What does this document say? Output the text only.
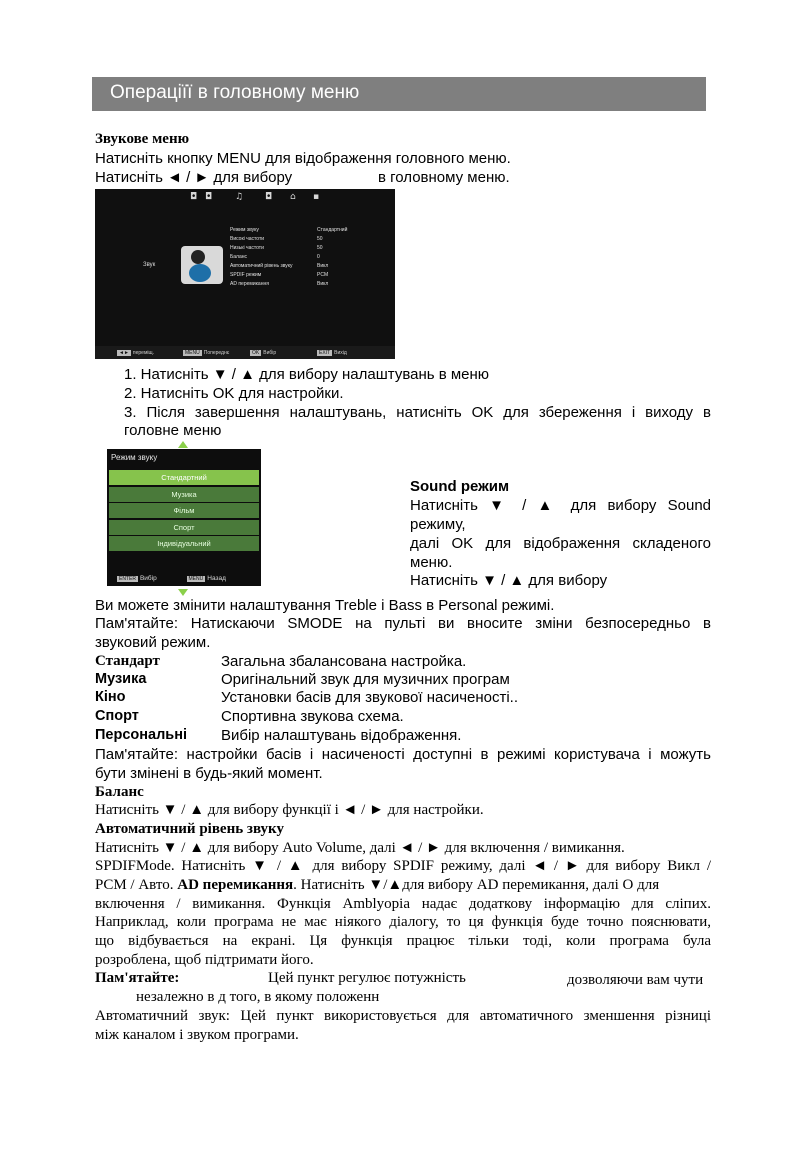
Операціїї в головному меню
Звукове меню
Натисніть кнопку MENU для відображення головного меню.
Натисніть ◄ / ► для вибору	в головному меню.
◘ ◘	♫ ◘ ⌂ ▪
Звук
Режим звуку	Стандартний
Високі частоти	50
Низькі частоти	50
Баланс	0
Автоматичний рівень звуку	Викл
SPDIF режим	PCM
AD перемикання	Викл
◄► переміщ.	MENU Попереднє	OK Вибір	EXIT Вихід
1. Натисніть ▼ / ▲ для вибору налаштувань в меню
2. Натисніть OK для настройки.
3. Після завершення налаштувань, натисніть OK для збереження і виходу в
головне меню
Режим звуку
Стандартний
Музика
Фільм
Спорт
Індивідуальний
ENTER Вибір	MENU Назад
Sound режим
Натисніть ▼ / ▲ для вибору Sound
режиму,
далі OK для відображення складеного
меню.
Натисніть ▼ / ▲ для вибору
Ви можете змінити налаштування Treble і Bass в Personal режимі.
Пам'ятайте: Натискаючи SMODE на пульті ви вносите зміни безпосередньо в
звуковий режим.
Стандарт	Загальна збалансована настройка.
Музика	Оригінальний звук для музичних програм
Кіно	Установки басів для звукової насиченості..
Спорт	Спортивна звукова схема.
Персональні Вибір налаштувань відображення.
Пам'ятайте: настройки басів і насиченості доступні в режимі користувача і можуть
бути змінені в будь-який момент.
Баланс
Натисніть ▼ / ▲ для вибору функції і ◄ / ► для настройки.
Автоматичний рівень звуку
Натисніть ▼ / ▲ для вибору Auto Volume, далі ◄ / ► для включення / вимикання.
SPDIFMode. Натисніть ▼ / ▲ для вибору SPDIF режиму, далі ◄ / ► для вибору Викл /
PCM / Авто. AD перемикання. Натисніть ▼/▲для вибору AD перемикання, далі О для
включення / вимикання. Функція Amblyopia надає додаткову інформацію для сліпих.
Наприклад, коли програма не має ніякого діалогу, то ця функція буде точно пояснювати,
що відбувається на екрані. Ця функція працює тільки тоді, коли програма була
розроблена, щоб підтримати його.
Пам'ятайте:	Цей пункт регулює потужність	дозволяючи вам чути
незалежно в д того, в якому положенн
Автоматичний звук: Цей пункт використовується для автоматичного зменшення різниці
між каналом і звуком програми.
